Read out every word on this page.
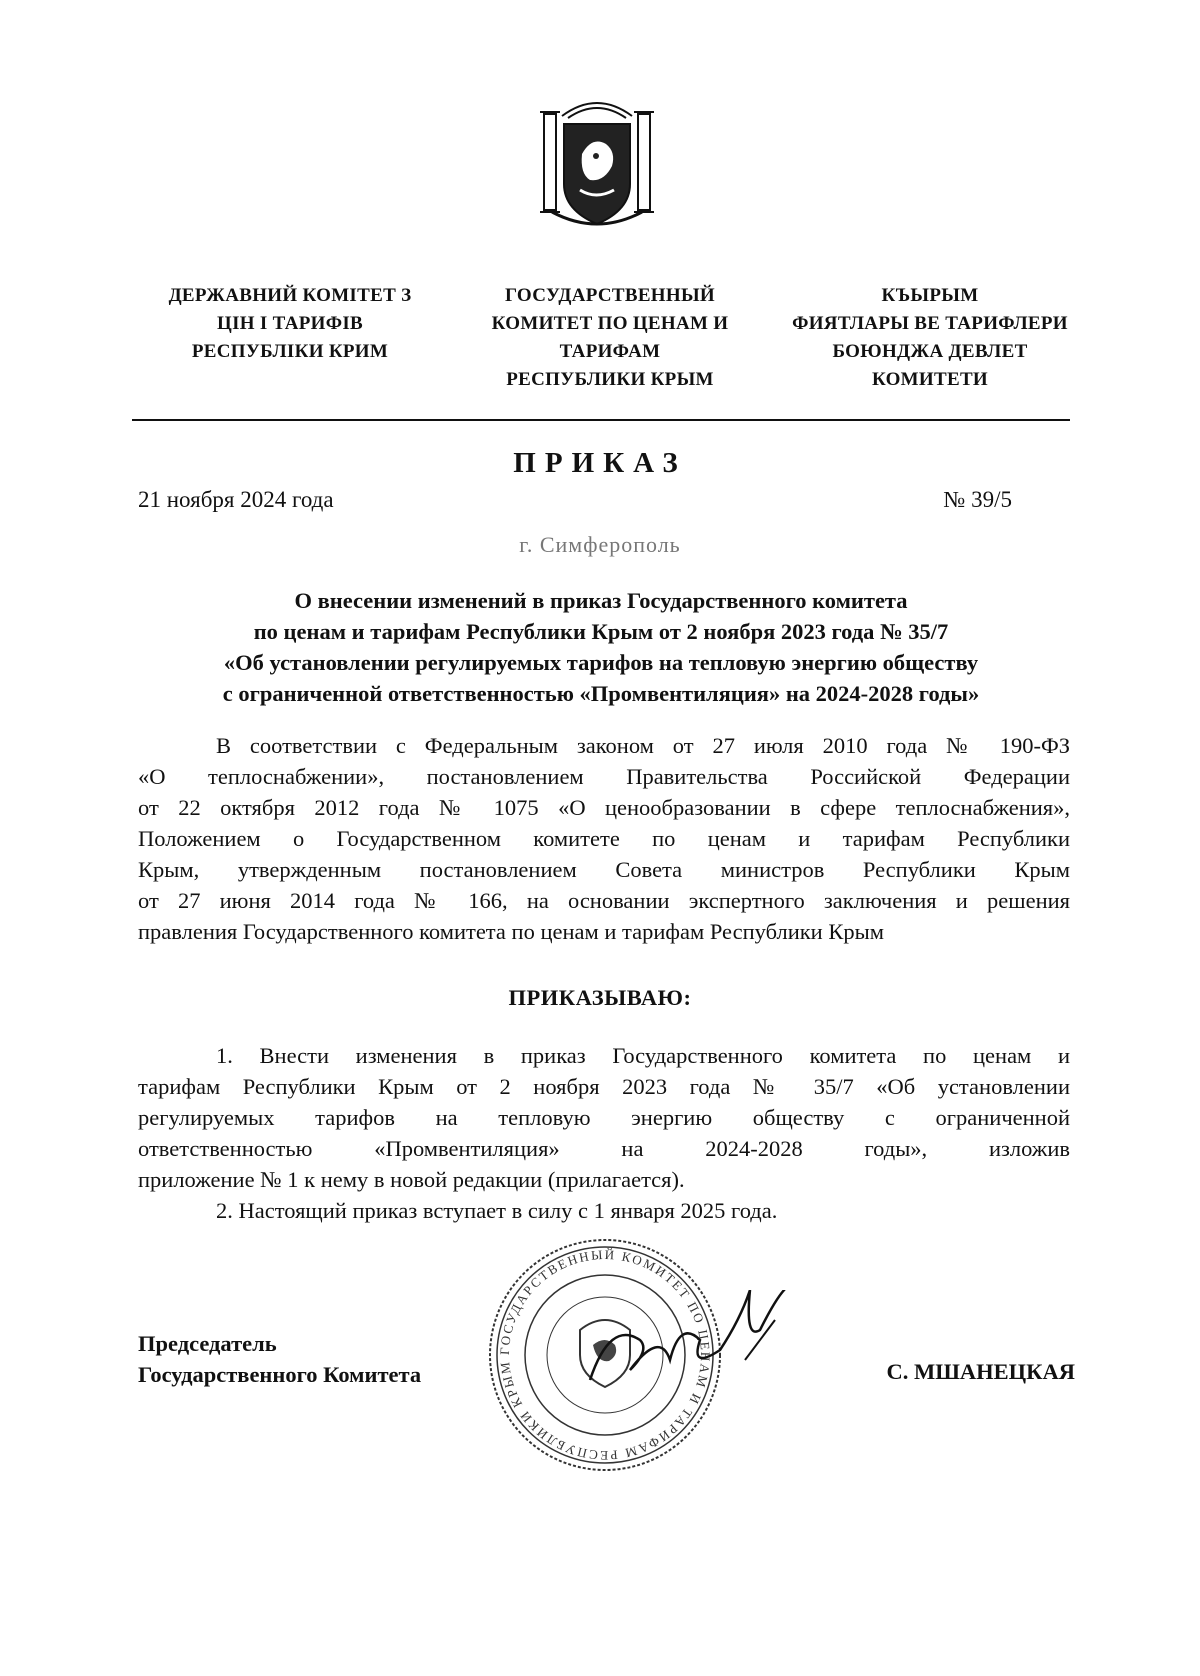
ДЕРЖАВНИЙ КОМІТЕТ З
ЦІН І ТАРИФІВ
РЕСПУБЛІКИ КРИМ
ГОСУДАРСТВЕННЫЙ
КОМИТЕТ ПО ЦЕНАМ И
ТАРИФАМ
РЕСПУБЛИКИ КРЫМ
КЪЫРЫМ
ФИЯТЛАРЫ ВЕ ТАРИФЛЕРИ
БОЮНДЖА ДЕВЛЕТ
КОМИТЕТИ
ПРИКАЗ
21 ноября 2024 года	№ 39/5
г. Симферополь
О внесении изменений в приказ Государственного комитета
по ценам и тарифам Республики Крым от 2 ноября 2023 года № 35/7
«Об установлении регулируемых тарифов на тепловую энергию обществу
с ограниченной ответственностью «Промвентиляция» на 2024-2028 годы»
В соответствии с Федеральным законом от 27 июля 2010 года № 190-ФЗ
«О теплоснабжении», постановлением Правительства Российской Федерации
от 22 октября 2012 года № 1075 «О ценообразовании в сфере теплоснабжения»,
Положением о Государственном комитете по ценам и тарифам Республики
Крым, утвержденным постановлением Совета министров Республики Крым
от 27 июня 2014 года № 166, на основании экспертного заключения и решения
правления Государственного комитета по ценам и тарифам Республики Крым
ПРИКАЗЫВАЮ:
1. Внести изменения в приказ Государственного комитета по ценам и
тарифам Республики Крым от 2 ноября 2023 года № 35/7 «Об установлении
регулируемых тарифов на тепловую энергию обществу с ограниченной
ответственностью «Промвентиляция» на 2024-2028 годы», изложив
приложение № 1 к нему в новой редакции (прилагается).
2. Настоящий приказ вступает в силу с 1 января 2025 года.
ГОСУДАРСТВЕННЫЙ КОМИТЕТ ПО ЦЕНАМ И ТАРИФАМ РЕСПУБЛИКИ КРЫМ
Председатель
Государственного Комитета	С. МШАНЕЦКАЯ
